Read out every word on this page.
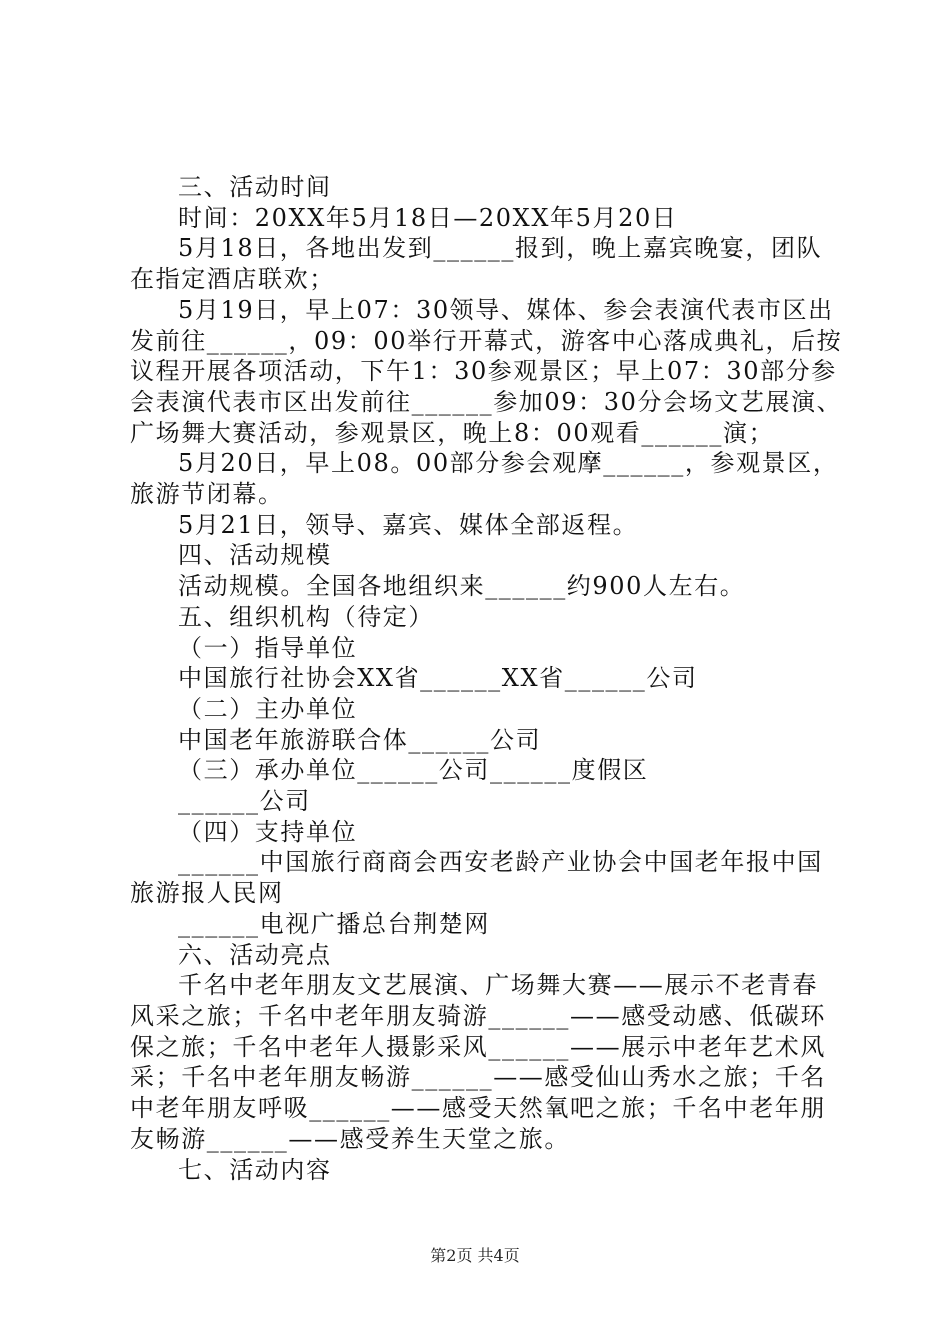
三、活动时间
时间：20XX年5月18日—20XX年5月20日
5月18日，各地出发到______报到，晚上嘉宾晚宴，团队
在指定酒店联欢；
5月19日，早上07：30领导、媒体、参会表演代表市区出
发前往______，09：00举行开幕式，游客中心落成典礼，后按
议程开展各项活动，下午1：30参观景区；早上07：30部分参
会表演代表市区出发前往______参加09：30分会场文艺展演、
广场舞大赛活动，参观景区，晚上8：00观看______演；
5月20日，早上08。00部分参会观摩______，参观景区，
旅游节闭幕。
5月21日，领导、嘉宾、媒体全部返程。
四、活动规模
活动规模。全国各地组织来______约900人左右。
五、组织机构（待定）
（一）指导单位
中国旅行社协会XX省______XX省______公司
（二）主办单位
中国老年旅游联合体______公司
（三）承办单位______公司______度假区
______公司
（四）支持单位
______中国旅行商商会西安老龄产业协会中国老年报中国
旅游报人民网
______电视广播总台荆楚网
六、活动亮点
千名中老年朋友文艺展演、广场舞大赛——展示不老青春
风采之旅；千名中老年朋友骑游______——感受动感、低碳环
保之旅；千名中老年人摄影采风______——展示中老年艺术风
采；千名中老年朋友畅游______——感受仙山秀水之旅；千名
中老年朋友呼吸______——感受天然氧吧之旅；千名中老年朋
友畅游______——感受养生天堂之旅。
七、活动内容
第2页 共4页
